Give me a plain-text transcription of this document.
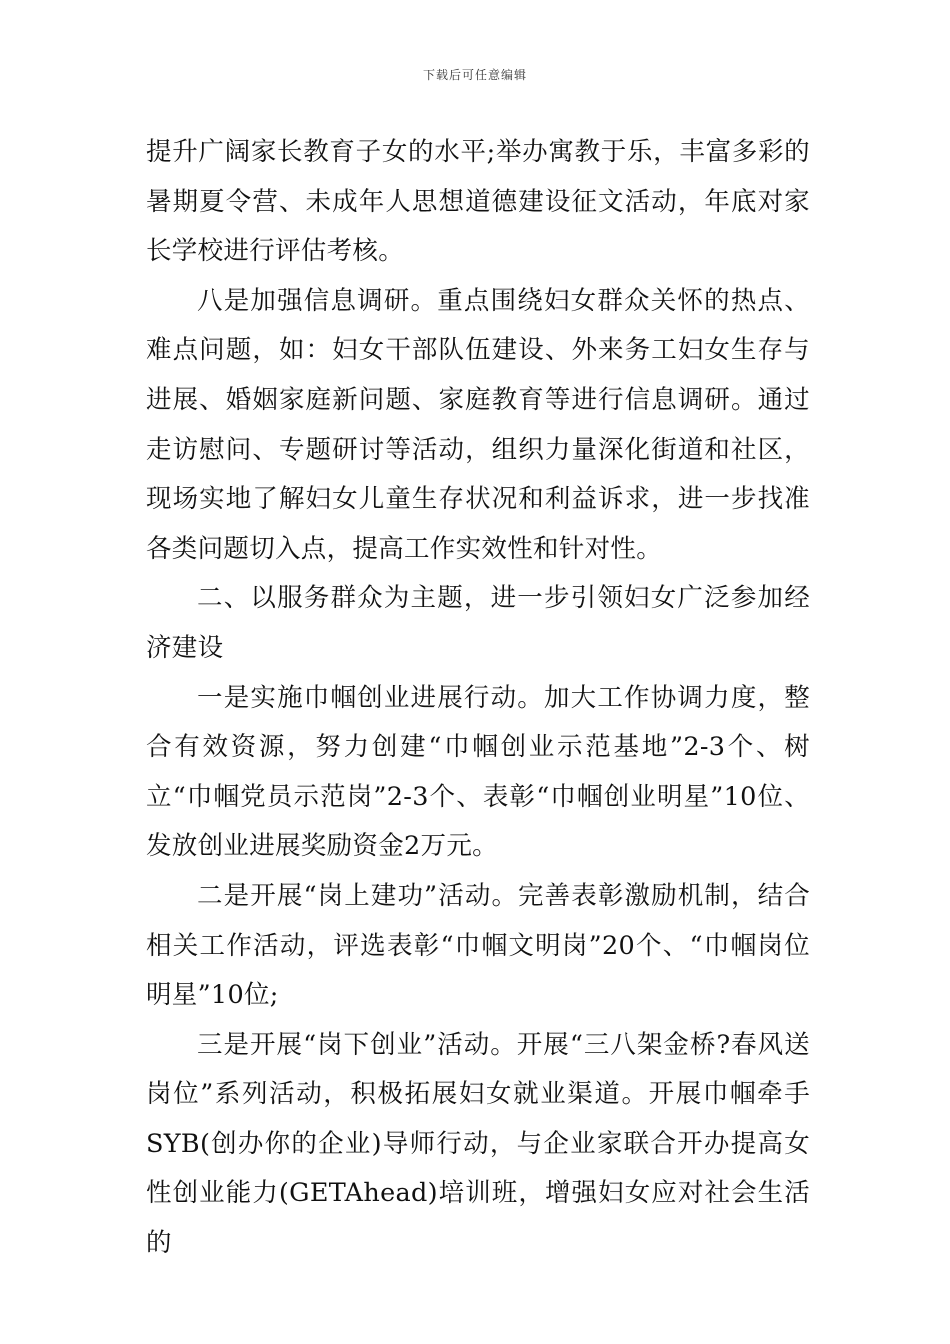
下载后可任意编辑

提升广阔家长教育子女的水平;举办寓教于乐，丰富多彩的暑期夏令营、未成年人思想道德建设征文活动，年底对家长学校进行评估考核。

八是加强信息调研。重点围绕妇女群众关怀的热点、难点问题，如：妇女干部队伍建设、外来务工妇女生存与进展、婚姻家庭新问题、家庭教育等进行信息调研。通过走访慰问、专题研讨等活动，组织力量深化街道和社区，现场实地了解妇女儿童生存状况和利益诉求，进一步找准各类问题切入点，提高工作实效性和针对性。

二、以服务群众为主题，进一步引领妇女广泛参加经济建设

一是实施巾帼创业进展行动。加大工作协调力度，整合有效资源，努力创建“巾帼创业示范基地”2-3个、树立“巾帼党员示范岗”2-3个、表彰“巾帼创业明星”10位、发放创业进展奖励资金2万元。

二是开展“岗上建功”活动。完善表彰激励机制，结合相关工作活动，评选表彰“巾帼文明岗”20个、“巾帼岗位明星”10位;

三是开展“岗下创业”活动。开展“三八架金桥?春风送岗位”系列活动，积极拓展妇女就业渠道。开展巾帼牵手SYB(创办你的企业)导师行动，与企业家联合开办提高女性创业能力(GETAhead)培训班，增强妇女应对社会生活的
